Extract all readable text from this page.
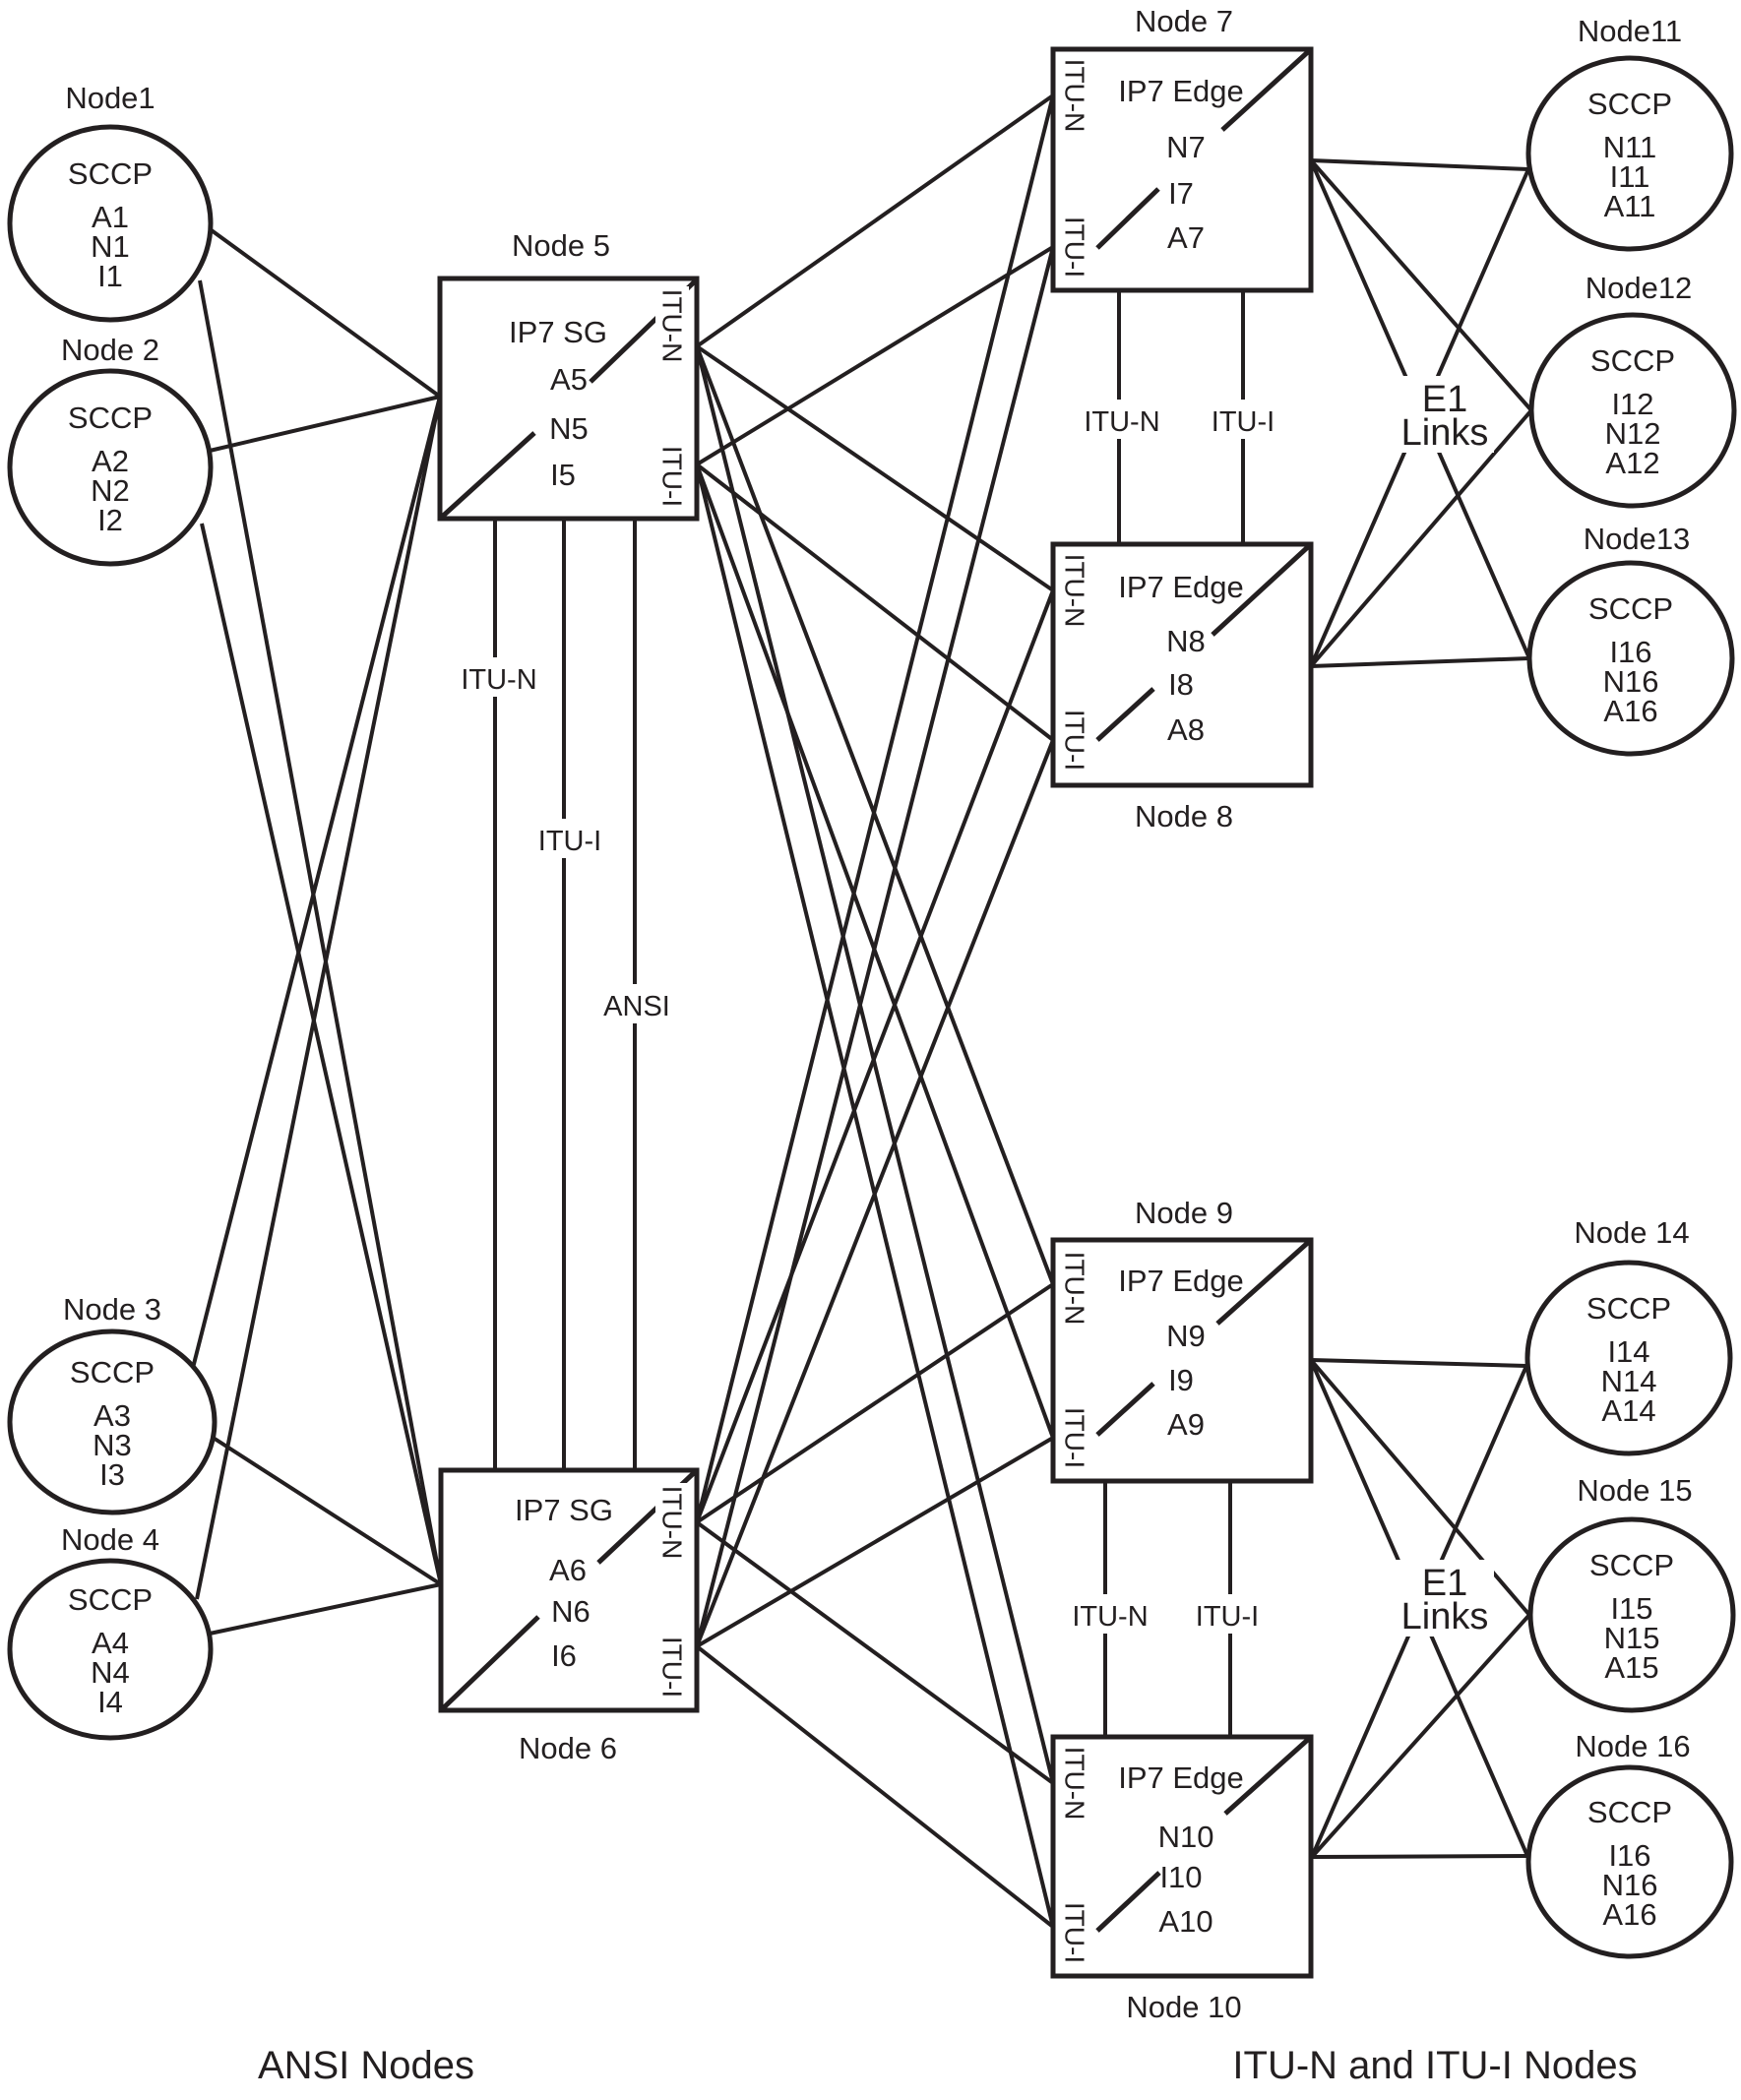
Node1
SCCP
A1
N1
I1
Node 2
SCCP
A2
N2
I2
Node 3
SCCP
A3
N3
I3
Node 4
SCCP
A4
N4
I4
Node 5
IP7 SG
A5
N5
I5
ITU-N
ITU-I
IP7 SG
A6
N6
I6
ITU-N
ITU-I
Node 6
Node 7
IP7 Edge
N7
I7
A7
ITU-N
ITU-I
IP7 Edge
N8
I8
A8
ITU-N
ITU-I
Node 8
Node 9
IP7 Edge
N9
I9
A9
ITU-N
ITU-I
IP7 Edge
N10
I10
A10
ITU-N
ITU-I
Node 10
Node11
SCCP
N11
I11
A11
Node12
SCCP
I12
N12
A12
Node13
SCCP
I16
N16
A16
Node 14
SCCP
I14
N14
A14
Node 15
SCCP
I15
N15
A15
Node 16
SCCP
I16
N16
A16
ITU-N
ITU-I
ANSI
ITU-N ITU-I
ITU-N ITU-I
E1
Links
E1
Links
ANSI Nodes	ITU-N and ITU-I Nodes
